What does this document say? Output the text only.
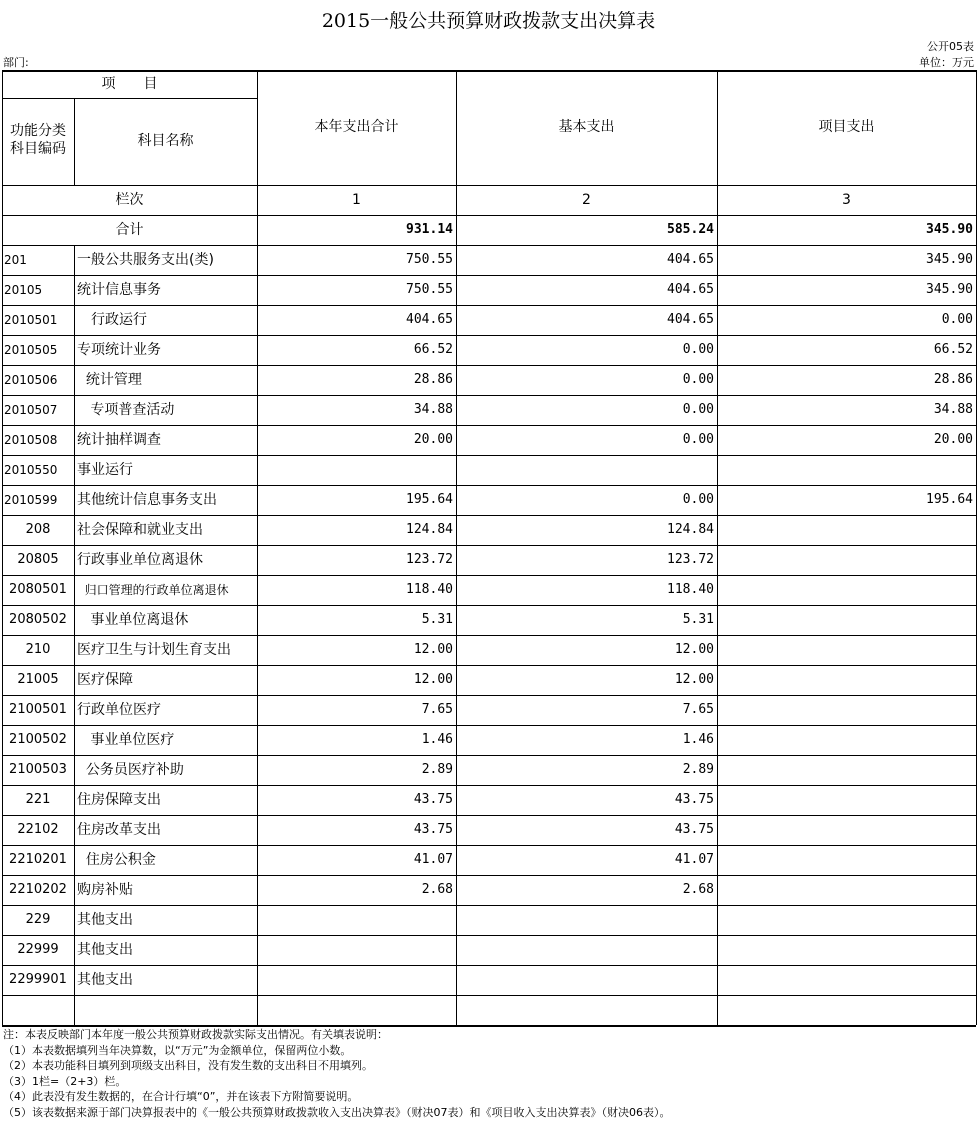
2015一般公共预算财政拨款支出决算表
公开05表
部门:	单位：万元
项　　目
功能分类
科目编码	科目名称
本年支出合计	基本支出	项目支出
栏次	1	2	3
合计	931.14	585.24	345.90
201	一般公共服务支出(类)	750.55	404.65	345.90
20105	统计信息事务	750.55	404.65	345.90
2010501	　行政运行	404.65	404.65	0.00
2010505	专项统计业务	66.52	0.00	66.52
2010506	统计管理	28.86	0.00	28.86
2010507	专项普查活动	34.88	0.00	34.88
2010508	统计抽样调查	20.00	0.00	20.00
2010550	事业运行
2010599	其他统计信息事务支出	195.64	0.00	195.64
208	社会保障和就业支出	124.84	124.84
20805	行政事业单位离退休	123.72	123.72
2080501 归口管理的行政单位离退休	118.40	118.40
2080502 事业单位离退休	5.31	5.31
210	医疗卫生与计划生育支出	12.00	12.00
21005	医疗保障	12.00	12.00
2100501 行政单位医疗	7.65	7.65
2100502 事业单位医疗	1.46	1.46
2100503 公务员医疗补助	2.89	2.89
221	住房保障支出	43.75	43.75
22102	住房改革支出	43.75	43.75
2210201 住房公积金	41.07	41.07
2210202 购房补贴	2.68	2.68
229	其他支出
22999	其他支出
2299901 其他支出
注：本表反映部门本年度一般公共预算财政拨款实际支出情况。有关填表说明：
（1）本表数据填列当年决算数，以“万元”为金额单位，保留两位小数。
（2）本表功能科目填列到项级支出科目，没有发生数的支出科目不用填列。
（3）1栏=（2+3）栏。
（4）此表没有发生数据的，在合计行填“0”，并在该表下方附简要说明。
（5）该表数据来源于部门决算报表中的《一般公共预算财政拨款收入支出决算表》（财决07表）和《项目收入支出决算表》（财决06表）。
